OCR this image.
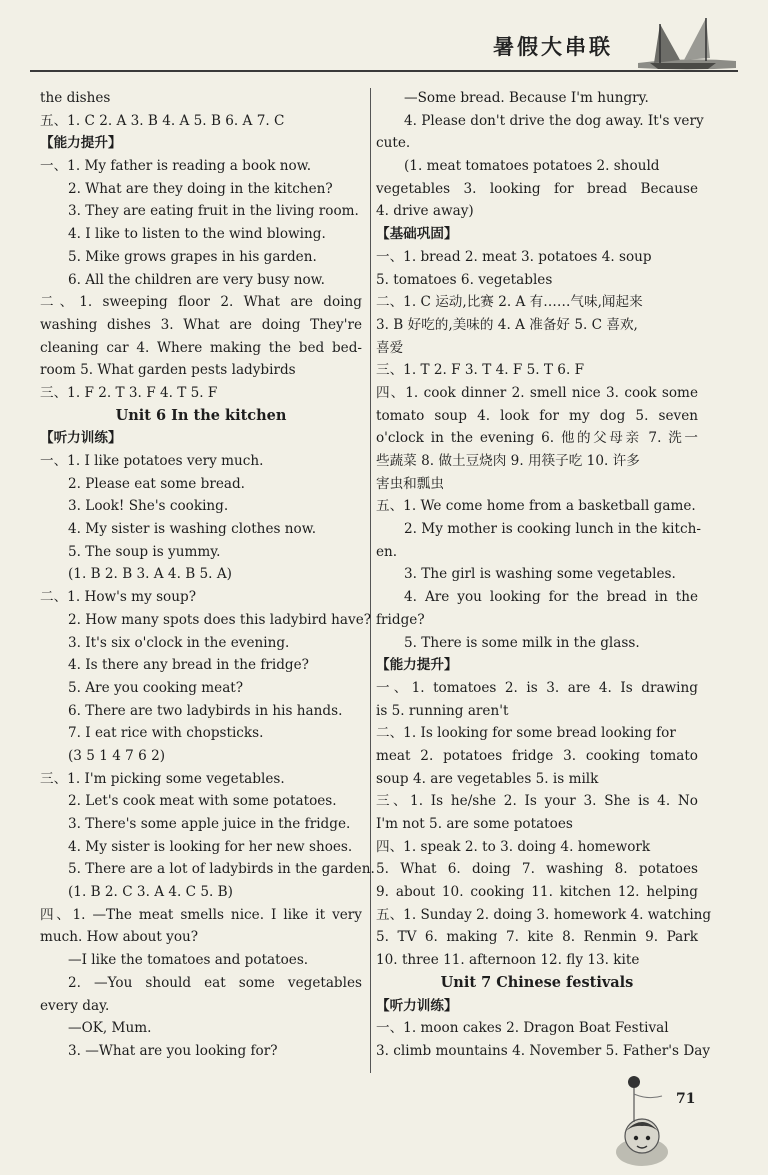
暑假大串联
the dishes
五、1. C 2. A 3. B 4. A 5. B 6. A 7. C
【能力提升】
一、1. My father is reading a book now.
2. What are they doing in the kitchen?
3. They are eating fruit in the living room.
4. I like to listen to the wind blowing.
5. Mike grows grapes in his garden.
6. All the children are very busy now.
二、1. sweeping floor 2. What are doing
washing dishes 3. What are doing They're
cleaning car 4. Where making the bed bed-
room 5. What garden pests ladybirds
三、1. F 2. T 3. F 4. T 5. F
Unit 6 In the kitchen
【听力训练】
一、1. I like potatoes very much.
2. Please eat some bread.
3. Look! She's cooking.
4. My sister is washing clothes now.
5. The soup is yummy.
(1. B 2. B 3. A 4. B 5. A)
二、1. How's my soup?
2. How many spots does this ladybird have?
3. It's six o'clock in the evening.
4. Is there any bread in the fridge?
5. Are you cooking meat?
6. There are two ladybirds in his hands.
7. I eat rice with chopsticks.
(3 5 1 4 7 6 2)
三、1. I'm picking some vegetables.
2. Let's cook meat with some potatoes.
3. There's some apple juice in the fridge.
4. My sister is looking for her new shoes.
5. There are a lot of ladybirds in the garden.
(1. B 2. C 3. A 4. C 5. B)
四、1. —The meat smells nice. I like it very
much. How about you?
—I like the tomatoes and potatoes.
2. —You should eat some vegetables
every day.
—OK, Mum.
3. —What are you looking for?
—Some bread. Because I'm hungry.
4. Please don't drive the dog away. It's very
cute.
(1. meat tomatoes potatoes 2. should
vegetables 3. looking for bread Because
4. drive away)
【基础巩固】
一、1. bread 2. meat 3. potatoes 4. soup
5. tomatoes 6. vegetables
二、1. C 运动,比赛 2. A 有……气味,闻起来
3. B 好吃的,美味的 4. A 准备好 5. C 喜欢,
喜爱
三、1. T 2. F 3. T 4. F 5. T 6. F
四、1. cook dinner 2. smell nice 3. cook some
tomato soup 4. look for my dog 5. seven
o'clock in the evening 6. 他的父母亲 7. 洗一
些蔬菜 8. 做土豆烧肉 9. 用筷子吃 10. 许多
害虫和瓢虫
五、1. We come home from a basketball game.
2. My mother is cooking lunch in the kitch-
en.
3. The girl is washing some vegetables.
4. Are you looking for the bread in the
fridge?
5. There is some milk in the glass.
【能力提升】
一、1. tomatoes 2. is 3. are 4. Is drawing
is 5. running aren't
二、1. Is looking for some bread looking for
meat 2. potatoes fridge 3. cooking tomato
soup 4. are vegetables 5. is milk
三、1. Is he/she 2. Is your 3. She is 4. No
I'm not 5. are some potatoes
四、1. speak 2. to 3. doing 4. homework
5. What 6. doing 7. washing 8. potatoes
9. about 10. cooking 11. kitchen 12. helping
五、1. Sunday 2. doing 3. homework 4. watching
5. TV 6. making 7. kite 8. Renmin 9. Park
10. three 11. afternoon 12. fly 13. kite
Unit 7 Chinese festivals
【听力训练】
一、1. moon cakes 2. Dragon Boat Festival
3. climb mountains 4. November 5. Father's Day
71
